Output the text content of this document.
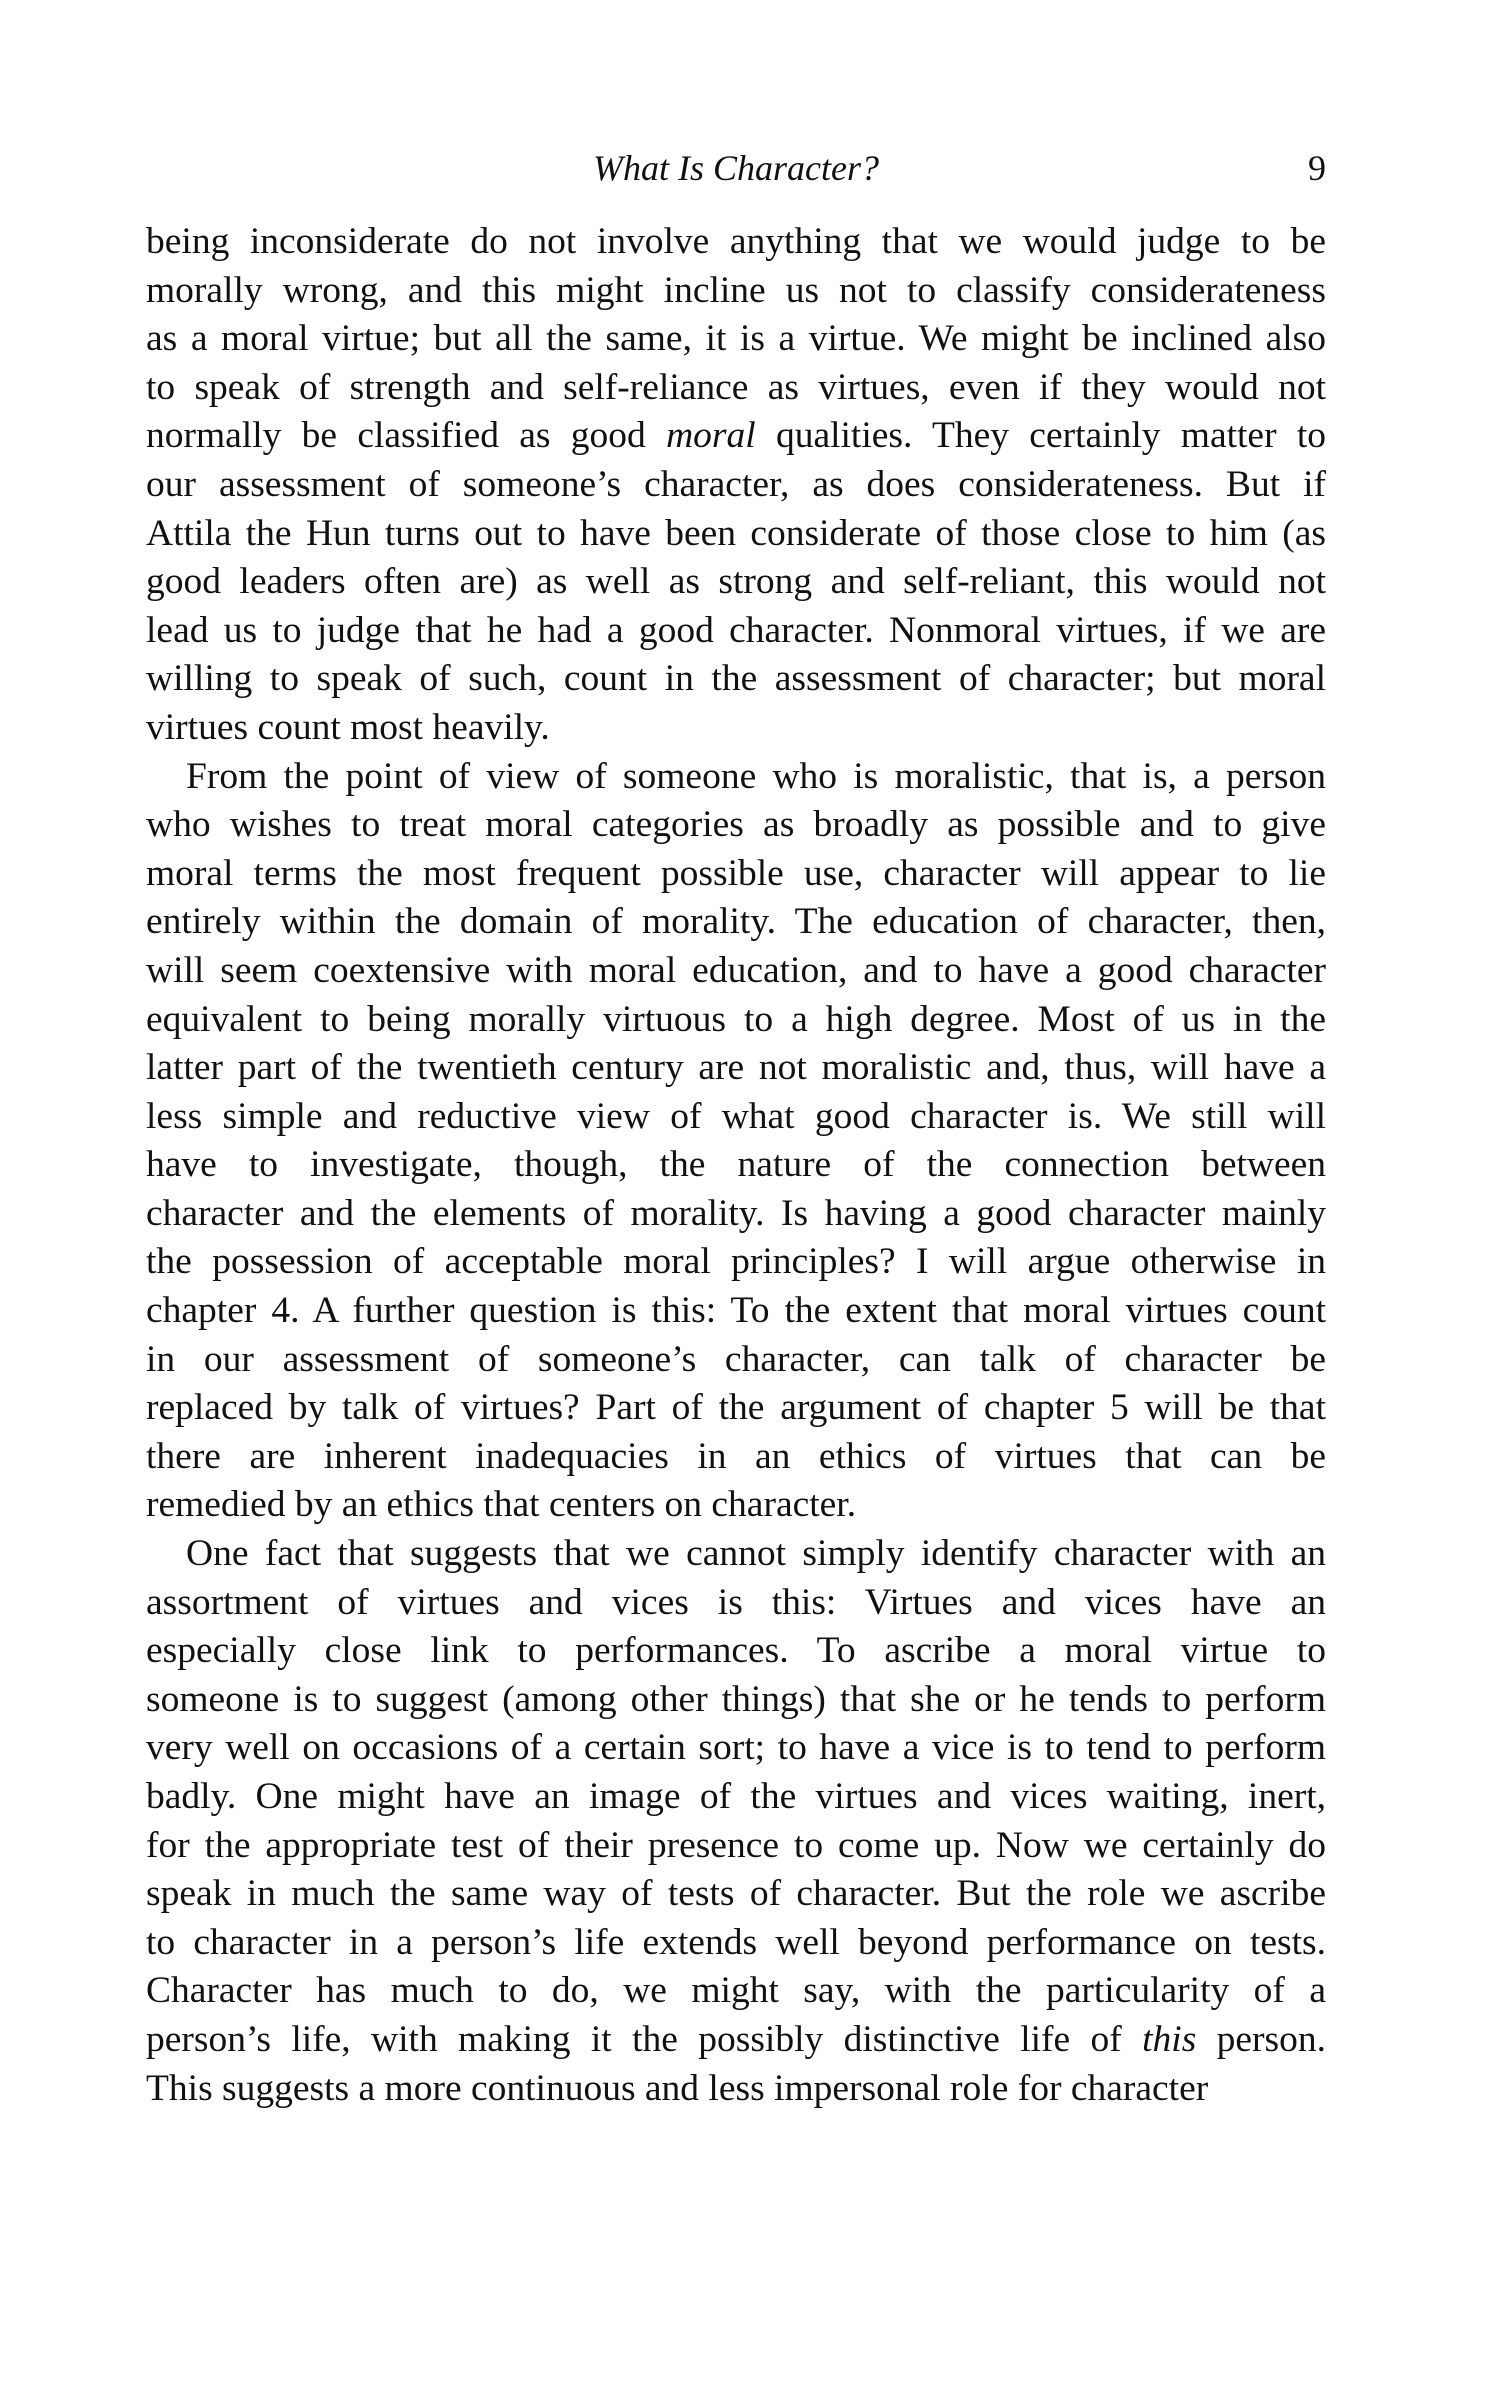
What Is Character?	9
being inconsiderate do not involve anything that we would judge to be
morally wrong, and this might incline us not to classify considerateness
as a moral virtue; but all the same, it is a virtue. We might be inclined also
to speak of strength and self-reliance as virtues, even if they would not
normally be classified as good moral qualities. They certainly matter to
our assessment of someone’s character, as does considerateness. But if
Attila the Hun turns out to have been considerate of those close to him (as
good leaders often are) as well as strong and self-reliant, this would not
lead us to judge that he had a good character. Nonmoral virtues, if we are
willing to speak of such, count in the assessment of character; but moral
virtues count most heavily.
From the point of view of someone who is moralistic, that is, a person
who wishes to treat moral categories as broadly as possible and to give
moral terms the most frequent possible use, character will appear to lie
entirely within the domain of morality. The education of character, then,
will seem coextensive with moral education, and to have a good character
equivalent to being morally virtuous to a high degree. Most of us in the
latter part of the twentieth century are not moralistic and, thus, will have a
less simple and reductive view of what good character is. We still will
have to investigate, though, the nature of the connection between
character and the elements of morality. Is having a good character mainly
the possession of acceptable moral principles? I will argue otherwise in
chapter 4. A further question is this: To the extent that moral virtues count
in our assessment of someone’s character, can talk of character be
replaced by talk of virtues? Part of the argument of chapter 5 will be that
there are inherent inadequacies in an ethics of virtues that can be
remedied by an ethics that centers on character.
One fact that suggests that we cannot simply identify character with an
assortment of virtues and vices is this: Virtues and vices have an
especially close link to performances. To ascribe a moral virtue to
someone is to suggest (among other things) that she or he tends to perform
very well on occasions of a certain sort; to have a vice is to tend to perform
badly. One might have an image of the virtues and vices waiting, inert,
for the appropriate test of their presence to come up. Now we certainly do
speak in much the same way of tests of character. But the role we ascribe
to character in a person’s life extends well beyond performance on tests.
Character has much to do, we might say, with the particularity of a
person’s life, with making it the possibly distinctive life of this person.
This suggests a more continuous and less impersonal role for character
